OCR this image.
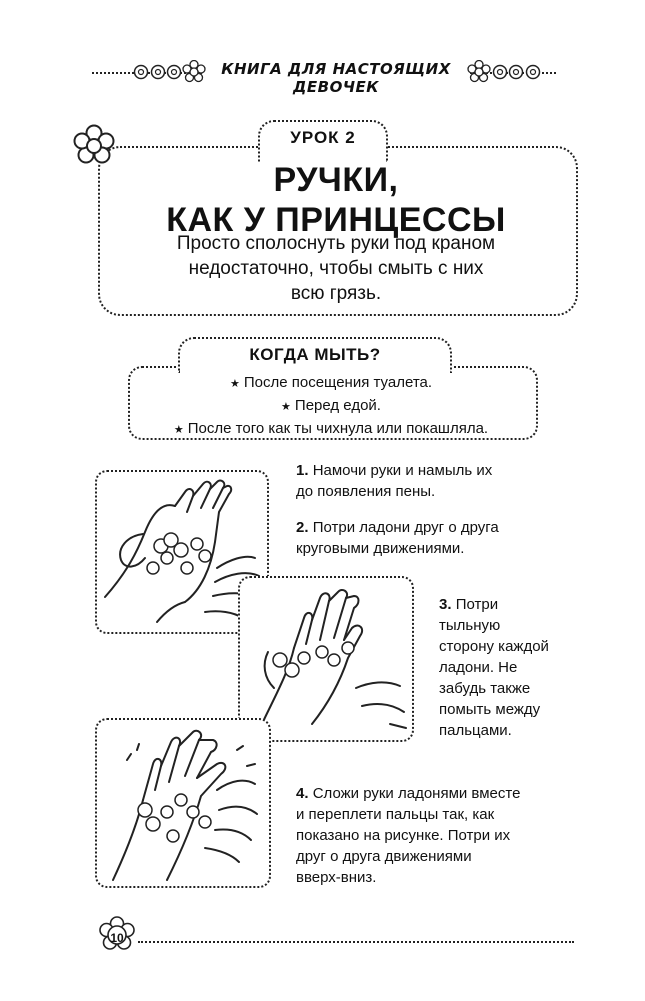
КНИГА ДЛЯ НАСТОЯЩИХ ДЕВОЧЕК
УРОК 2
РУЧКИ,
КАК У ПРИНЦЕССЫ
Просто сполоснуть руки под краном
недостаточно, чтобы смыть с них
всю грязь.
КОГДА МЫТЬ?
★ После посещения туалета.
★ Перед едой.
★ После того как ты чихнула или покашляла.
1. Намочи руки и намыль их
до появления пены.
2. Потри ладони друг о друга
круговыми движениями.
3. Потри
тыльную
сторону каждой
ладони. Не
забудь также
помыть между
пальцами.
4. Сложи руки ладонями вместе
и переплети пальцы так, как
показано на рисунке. Потри их
друг о друга движениями
вверх-вниз.
10
